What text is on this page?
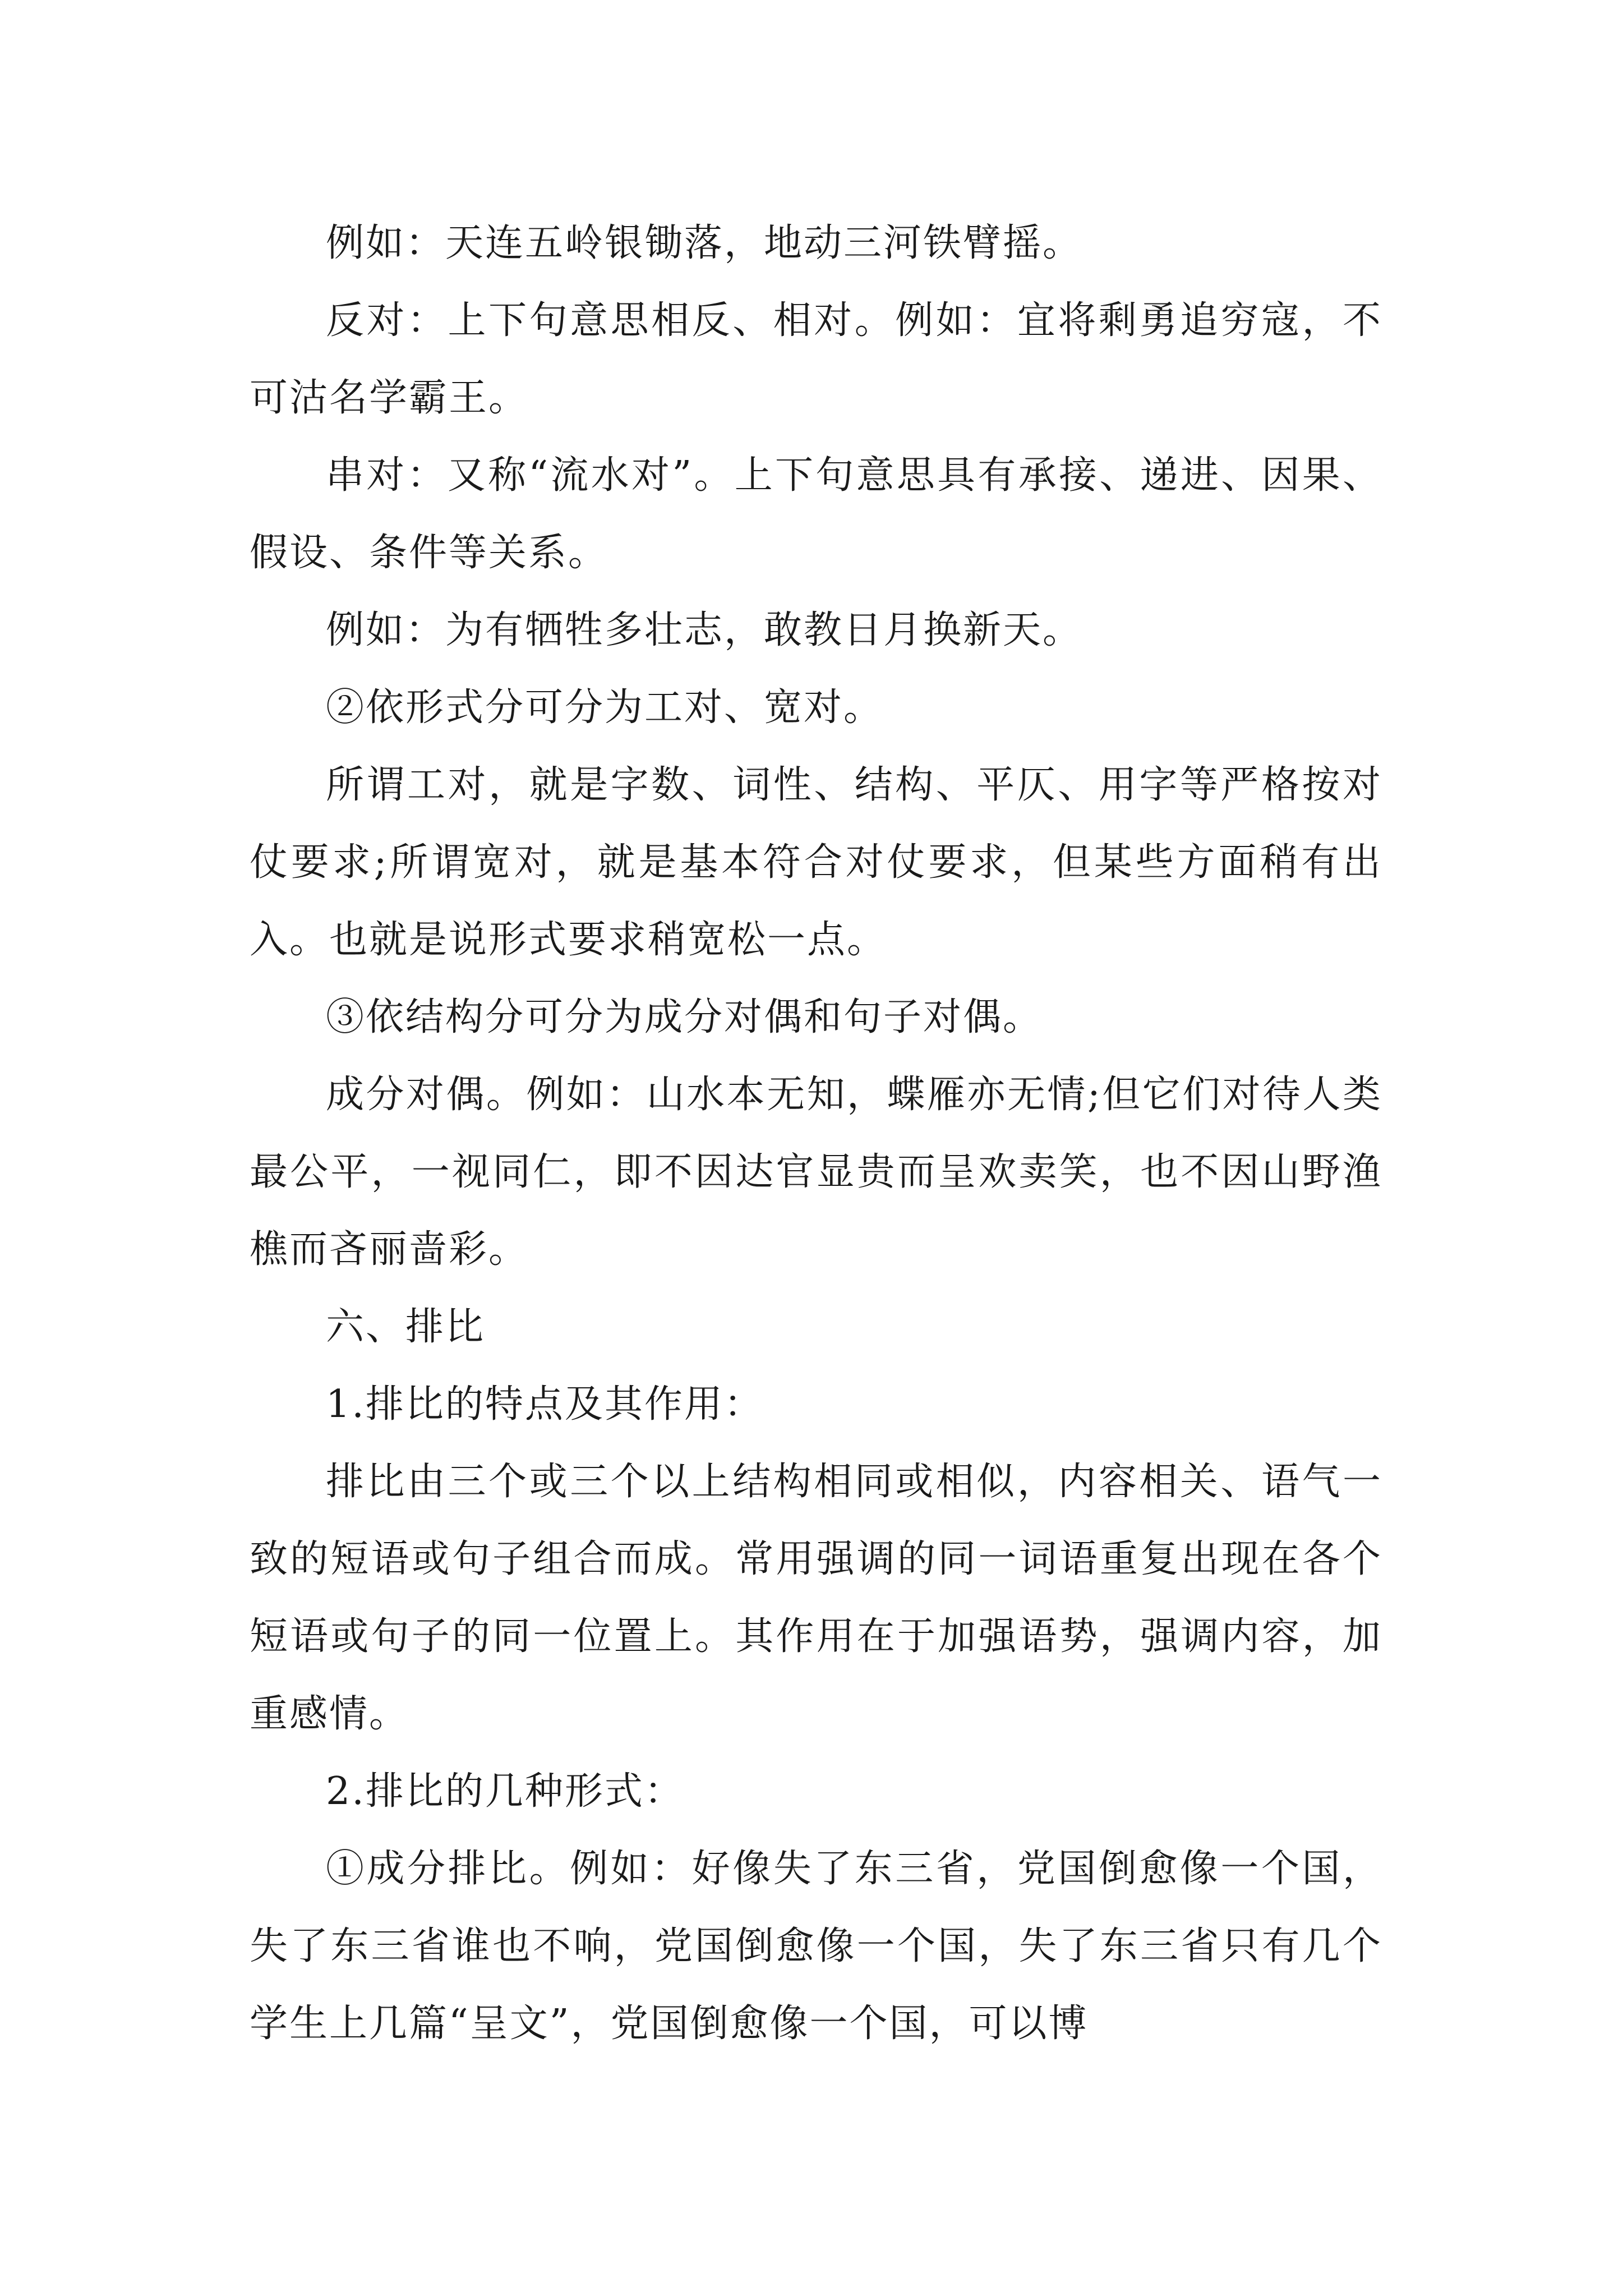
例如：天连五岭银锄落，地动三河铁臂摇。

反对：上下句意思相反、相对。例如：宜将剩勇追穷寇，不可沽名学霸王。

串对：又称“流水对”。上下句意思具有承接、递进、因果、假设、条件等关系。

例如：为有牺牲多壮志，敢教日月换新天。

②依形式分可分为工对、宽对。

所谓工对，就是字数、词性、结构、平仄、用字等严格按对仗要求;所谓宽对，就是基本符合对仗要求，但某些方面稍有出入。也就是说形式要求稍宽松一点。

③依结构分可分为成分对偶和句子对偶。

成分对偶。例如：山水本无知，蝶雁亦无情;但它们对待人类最公平，一视同仁，即不因达官显贵而呈欢卖笑，也不因山野渔樵而吝丽啬彩。

六、排比

1.排比的特点及其作用：

排比由三个或三个以上结构相同或相似，内容相关、语气一致的短语或句子组合而成。常用强调的同一词语重复出现在各个短语或句子的同一位置上。其作用在于加强语势，强调内容，加重感情。

2.排比的几种形式：

①成分排比。例如：好像失了东三省，党国倒愈像一个国，失了东三省谁也不响，党国倒愈像一个国，失了东三省只有几个学生上几篇“呈文”，党国倒愈像一个国，可以博
